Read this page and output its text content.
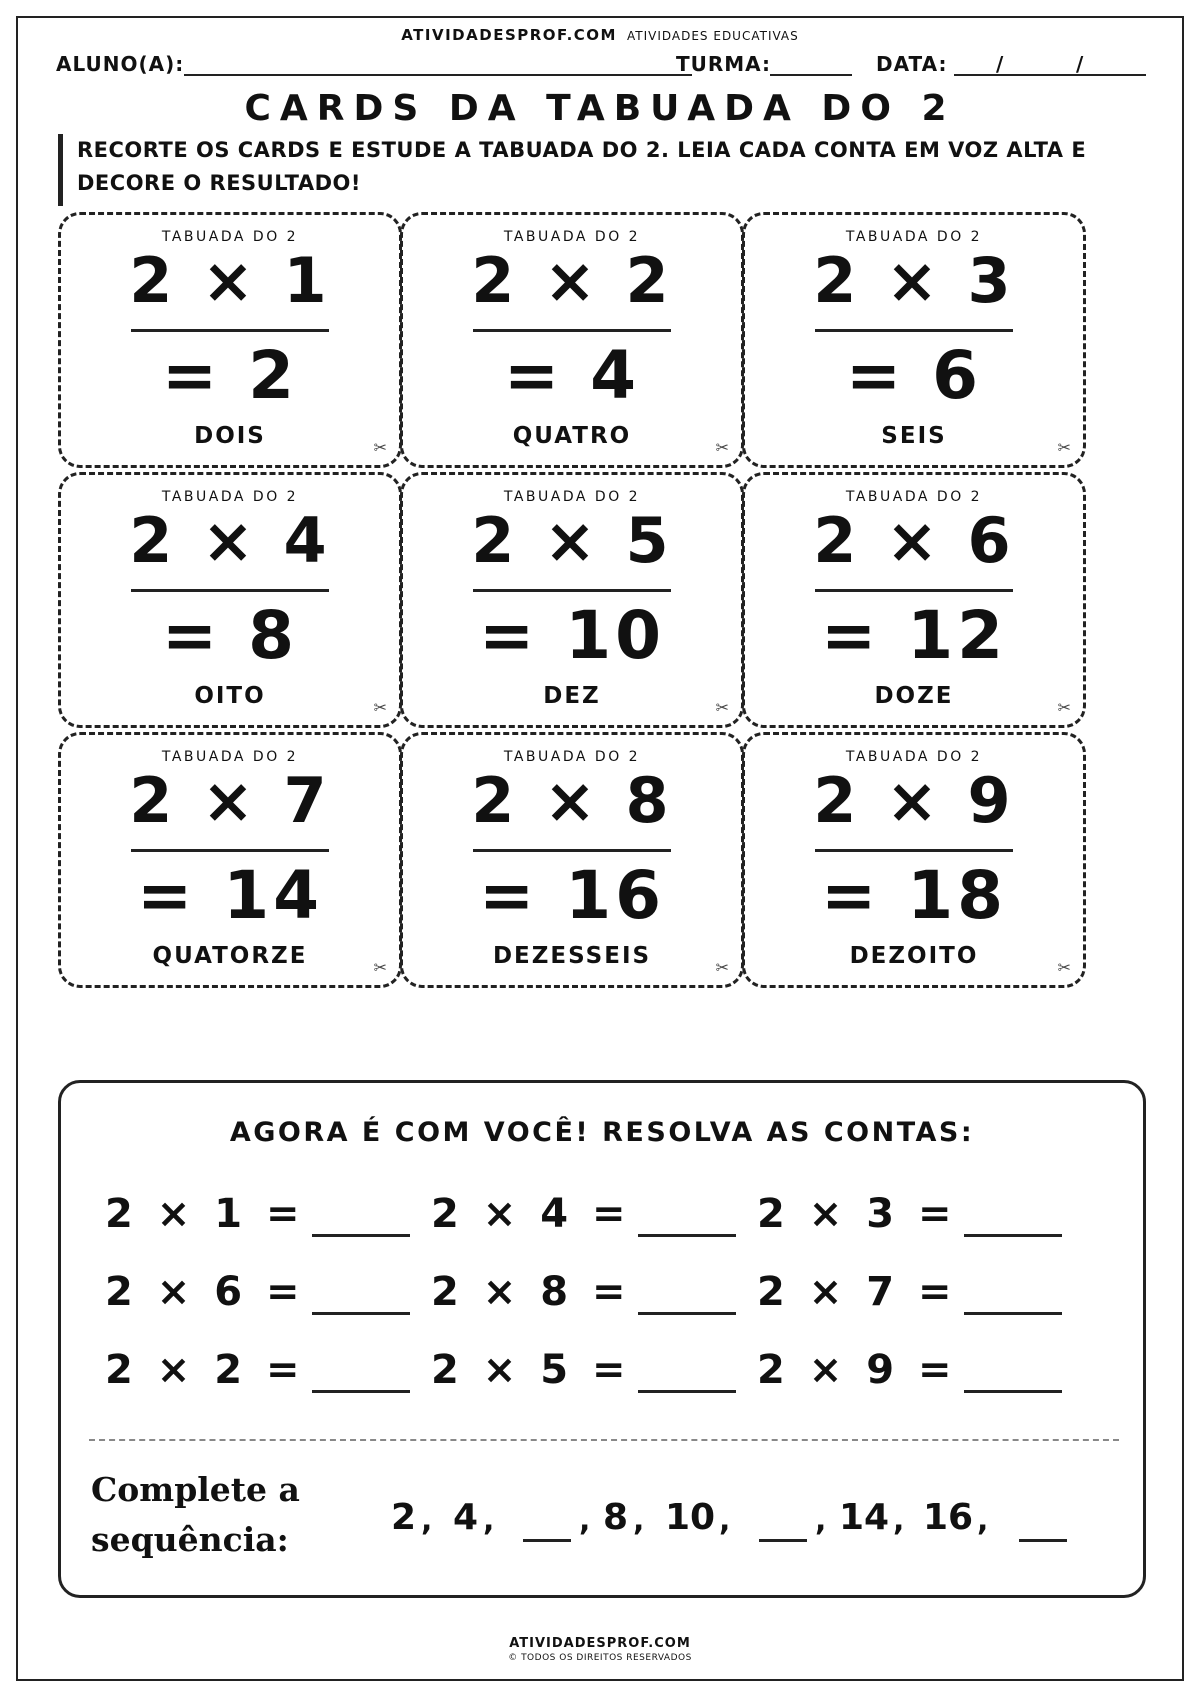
ATIVIDADESPROF.COM ATIVIDADES EDUCATIVAS
ALUNO(A):	TURMA:	DATA: /         /
CARDS DA TABUADA DO 2
RECORTE OS CARDS E ESTUDE A TABUADA DO 2. LEIA CADA CONTA EM VOZ ALTA E DECORE O RESULTADO!
TABUADA DO 2
2 × 1
= 2
DOIS	✂
TABUADA DO 2
2 × 2
= 4
QUATRO	✂
TABUADA DO 2
2 × 3
= 6
SEIS	✂
TABUADA DO 2
2 × 4
= 8
OITO	✂
TABUADA DO 2
2 × 5
= 10
DEZ	✂
TABUADA DO 2
2 × 6
= 12
DOZE	✂
TABUADA DO 2
2 × 7
= 14
QUATORZE	✂
TABUADA DO 2
2 × 8
= 16
DEZESSEIS	✂
TABUADA DO 2
2 × 9
= 18
DEZOITO	✂
AGORA É COM VOCÊ! RESOLVA AS CONTAS:
2 × 1 =	2 × 4 =	2 × 3 =
2 × 6 =	2 × 8 =	2 × 7 =
2 × 2 =	2 × 5 =	2 × 9 =
Complete a
sequência:
2 , 4 ,	, 8 , 10 ,	, 14 , 16 ,
ATIVIDADESPROF.COM
© TODOS OS DIREITOS RESERVADOS
